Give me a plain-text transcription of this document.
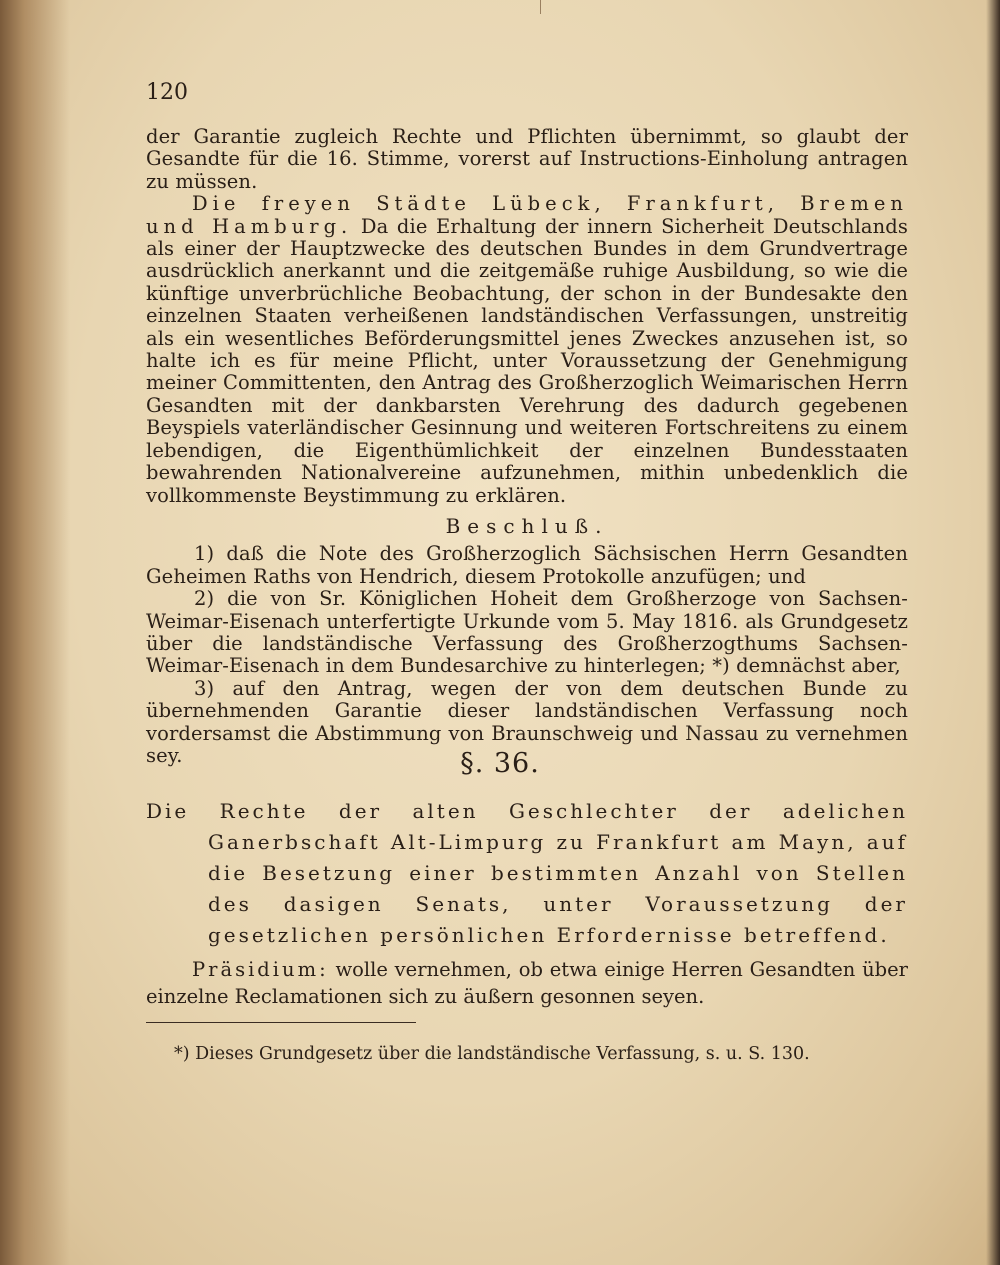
120

der Garantie zugleich Rechte und Pflichten übernimmt, so glaubt der Gesandte für die 16. Stimme, vorerst auf Instructions-Einholung antragen zu müssen.

Die freyen Städte Lübeck, Frankfurt, Bremen und Hamburg. Da die Erhaltung der innern Sicherheit Deutschlands als einer der Hauptzwecke des deutschen Bundes in dem Grundvertrage ausdrücklich anerkannt und die zeitgemäße ruhige Ausbildung, so wie die künftige unverbrüchliche Beobachtung, der schon in der Bundesakte den einzelnen Staaten verheißenen landständischen Verfassungen, unstreitig als ein wesentliches Beförderungsmittel jenes Zweckes anzusehen ist, so halte ich es für meine Pflicht, unter Voraussetzung der Genehmigung meiner Committenten, den Antrag des Großherzoglich Weimarischen Herrn Gesandten mit der dankbarsten Verehrung des dadurch gegebenen Beyspiels vaterländischer Gesinnung und weiteren Fortschreitens zu einem lebendigen, die Eigenthümlichkeit der einzelnen Bundesstaaten bewahrenden Nationalvereine aufzunehmen, mithin unbedenklich die vollkommenste Beystimmung zu erklären.

Beschluß.

1) daß die Note des Großherzoglich Sächsischen Herrn Gesandten Geheimen Raths von Hendrich, diesem Protokolle anzufügen; und

2) die von Sr. Königlichen Hoheit dem Großherzoge von Sachsen-Weimar-Eisenach unterfertigte Urkunde vom 5. May 1816. als Grundgesetz über die landständische Verfassung des Großherzogthums Sachsen-Weimar-Eisenach in dem Bundesarchive zu hinterlegen; *) demnächst aber,

3) auf den Antrag, wegen der von dem deutschen Bunde zu übernehmenden Garantie dieser landständischen Verfassung noch vordersamst die Abstimmung von Braunschweig und Nassau zu vernehmen sey.	§. 36.
Die Rechte der alten Geschlechter der adelichen Ganerbschaft Alt-Limpurg zu Frankfurt am Mayn, auf die Besetzung einer bestimmten Anzahl von Stellen des dasigen Senats, unter Voraussetzung der gesetzlichen persönlichen Erfordernisse betreffend.
Präsidium: wolle vernehmen, ob etwa einige Herren Gesandten über einzelne Reclamationen sich zu äußern gesonnen seyen.
*) Dieses Grundgesetz über die landständische Verfassung, s. u. S. 130.
